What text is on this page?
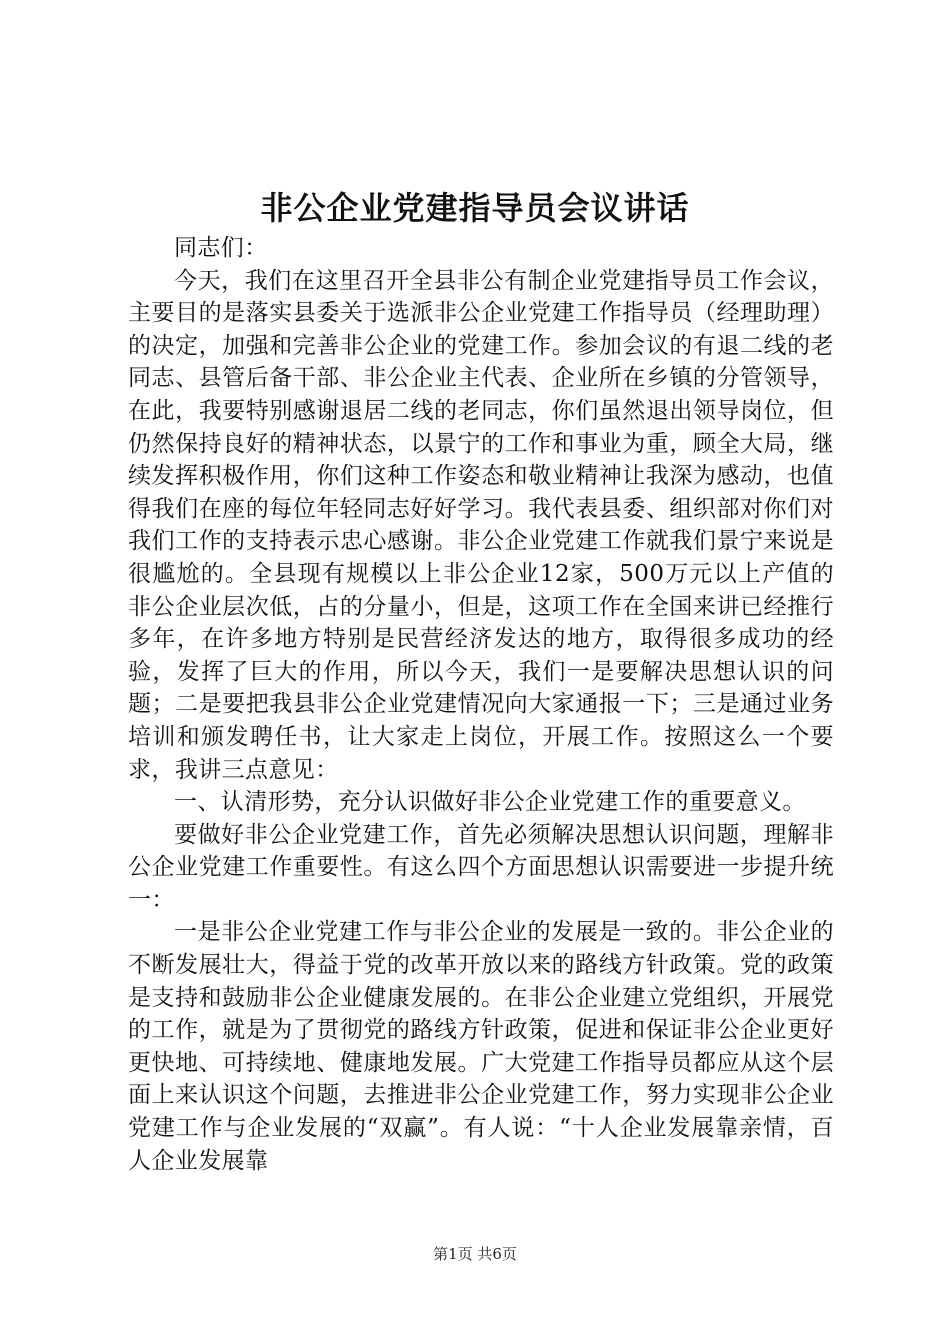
非公企业党建指导员会议讲话

同志们：

今天，我们在这里召开全县非公有制企业党建指导员工作会议，主要目的是落实县委关于选派非公企业党建工作指导员（经理助理）的决定，加强和完善非公企业的党建工作。参加会议的有退二线的老同志、县管后备干部、非公企业主代表、企业所在乡镇的分管领导，在此，我要特别感谢退居二线的老同志，你们虽然退出领导岗位，但仍然保持良好的精神状态，以景宁的工作和事业为重，顾全大局，继续发挥积极作用，你们这种工作姿态和敬业精神让我深为感动，也值得我们在座的每位年轻同志好好学习。我代表县委、组织部对你们对我们工作的支持表示忠心感谢。非公企业党建工作就我们景宁来说是很尴尬的。全县现有规模以上非公企业12家，500万元以上产值的非公企业层次低，占的分量小，但是，这项工作在全国来讲已经推行多年，在许多地方特别是民营经济发达的地方，取得很多成功的经验，发挥了巨大的作用，所以今天，我们一是要解决思想认识的问题；二是要把我县非公企业党建情况向大家通报一下；三是通过业务培训和颁发聘任书，让大家走上岗位，开展工作。按照这么一个要求，我讲三点意见：

一、认清形势，充分认识做好非公企业党建工作的重要意义。

要做好非公企业党建工作，首先必须解决思想认识问题，理解非公企业党建工作重要性。有这么四个方面思想认识需要进一步提升统一：

一是非公企业党建工作与非公企业的发展是一致的。非公企业的不断发展壮大，得益于党的改革开放以来的路线方针政策。党的政策是支持和鼓励非公企业健康发展的。在非公企业建立党组织，开展党的工作，就是为了贯彻党的路线方针政策，促进和保证非公企业更好更快地、可持续地、健康地发展。广大党建工作指导员都应从这个层面上来认识这个问题，去推进非公企业党建工作，努力实现非公企业党建工作与企业发展的“双赢”。有人说：“十人企业发展靠亲情，百人企业发展靠

第1页 共6页
